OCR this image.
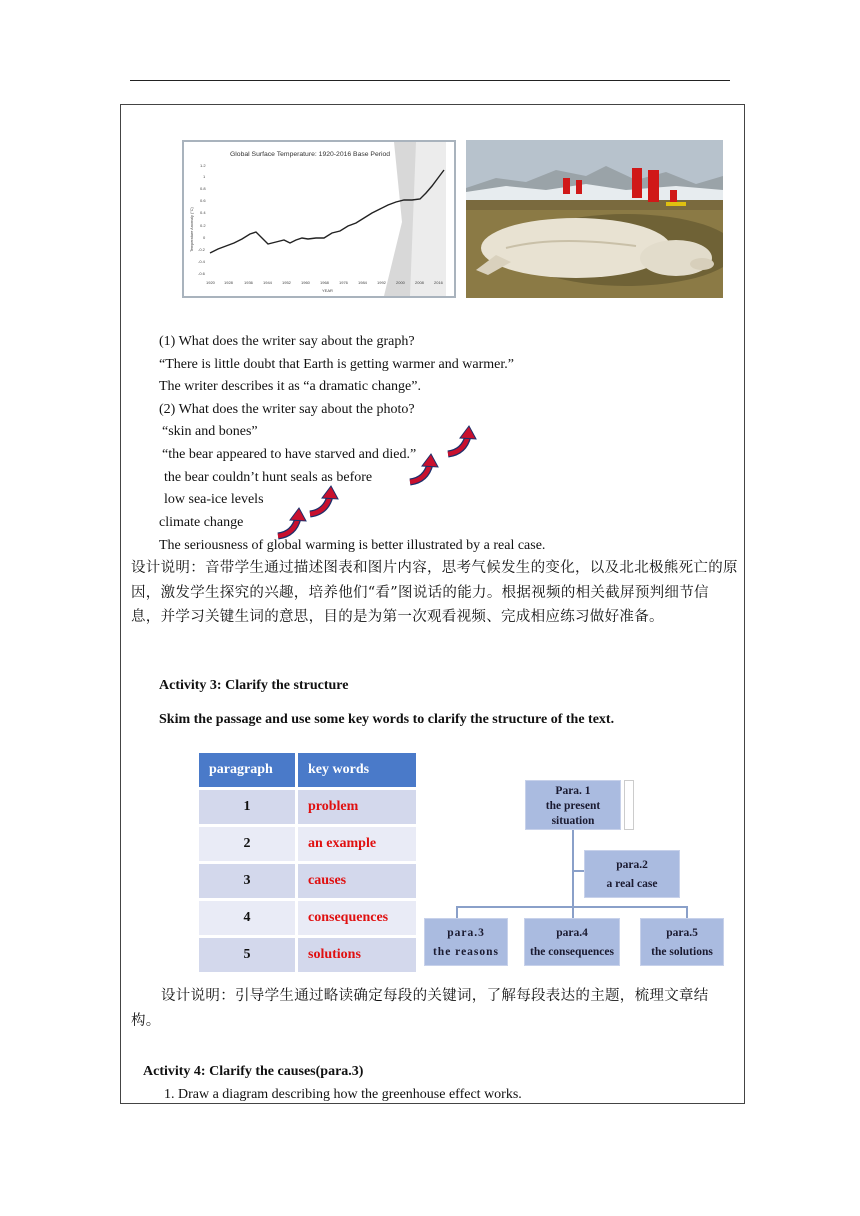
Global Surface Temperature: 1920-2016 Base Period
1.2
1
0.8
0.6
0.4
0.2
0
-0.2
-0.4
-0.6
1920 1928	1936	1944	1952	1960	1968	1976	1984	1992	2000	2008	2016
YEAR
Temperature Anomaly (°C)
(1) What does the writer say about the graph?
“There is little doubt that Earth is getting warmer and warmer.”
The writer describes it as “a dramatic change”.
(2) What does the writer say about the photo?
“skin and bones”
“the bear appeared to have starved and died.”
the bear couldn’t hunt seals as before
low sea-ice levels
climate change
The seriousness of global warming is better illustrated by a real case.
设计说明：音带学生通过描述图表和图片内容，思考气候发生的变化，以及北北极熊死亡的原因，激发学生探究的兴趣，培养他们“看”图说话的能力。根据视频的相关截屏预判细节信息，并学习关键生词的意思，目的是为第一次观看视频、完成相应练习做好准备。
Activity 3: Clarify the structure
Skim the passage and use some key words to clarify the structure of the text.
paragraph	key words
1	problem
2	an example
3	causes
4	consequences
5	solutions
Para. 1
the present
situation
para.2
a real case
para.3
the reasons
para.4
the consequences
para.5
the solutions
设计说明：引导学生通过略读确定每段的关键词，了解每段表达的主题，梳理文章结构。
Activity 4: Clarify the causes(para.3)
1. Draw a diagram describing how the greenhouse effect works.
